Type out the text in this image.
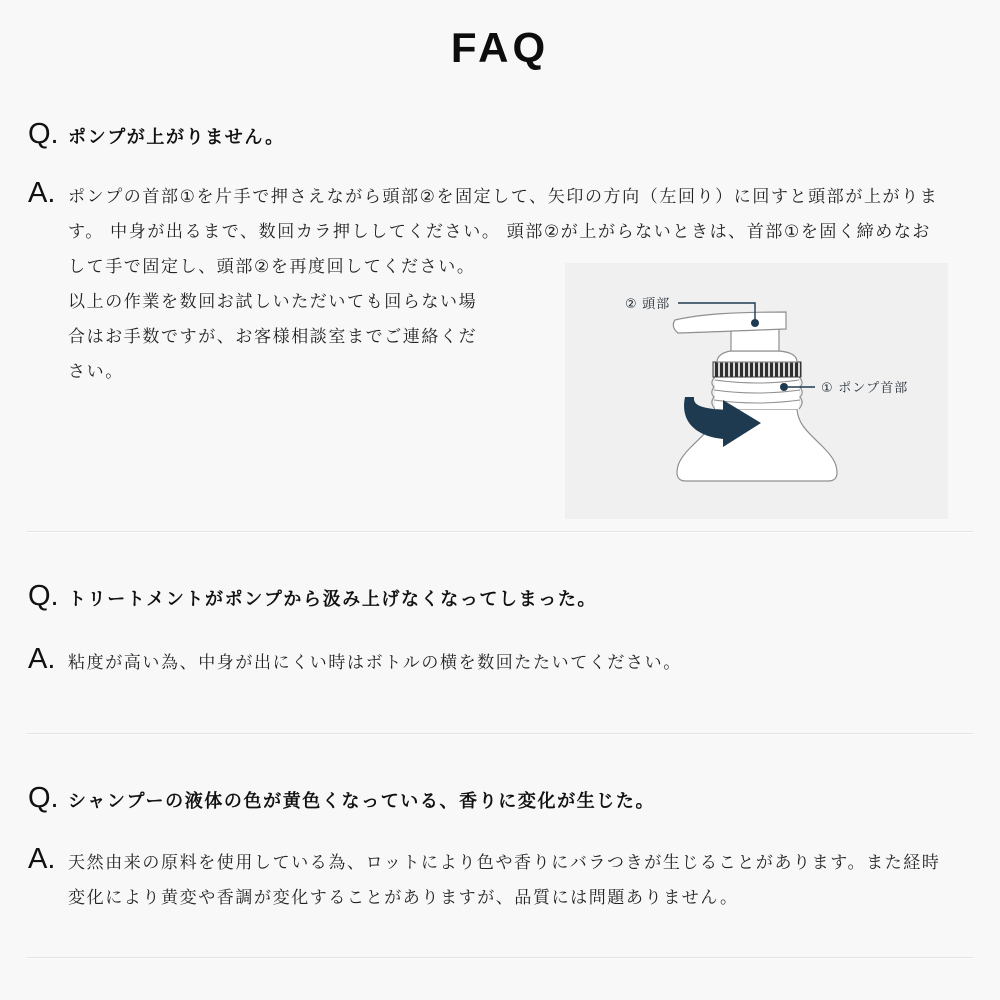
FAQ
Q. ポンプが上がりません。
A. ポンプの首部①を片手で押さえながら頭部②を固定して、矢印の方向（左回り）に回すと頭部が上がります。 中身が出るまで、数回カラ押ししてください。 頭部②が上がらないときは、首部①を固く締めなお
して手で固定し、頭部②を再度回してください。 以上の作業を数回お試しいただいても回らない場合はお手数ですが、お客様相談室までご連絡ください。
② 頭部
① ポンプ首部
Q. トリートメントがポンプから汲み上げなくなってしまった。
A. 粘度が高い為、中身が出にくい時はボトルの横を数回たたいてください。
Q. シャンプーの液体の色が黄色くなっている、香りに変化が生じた。
A. 天然由来の原料を使用している為、ロットにより色や香りにバラつきが生じることがあります。また経時変化により黄変や香調が変化することがありますが、品質には問題ありません。
